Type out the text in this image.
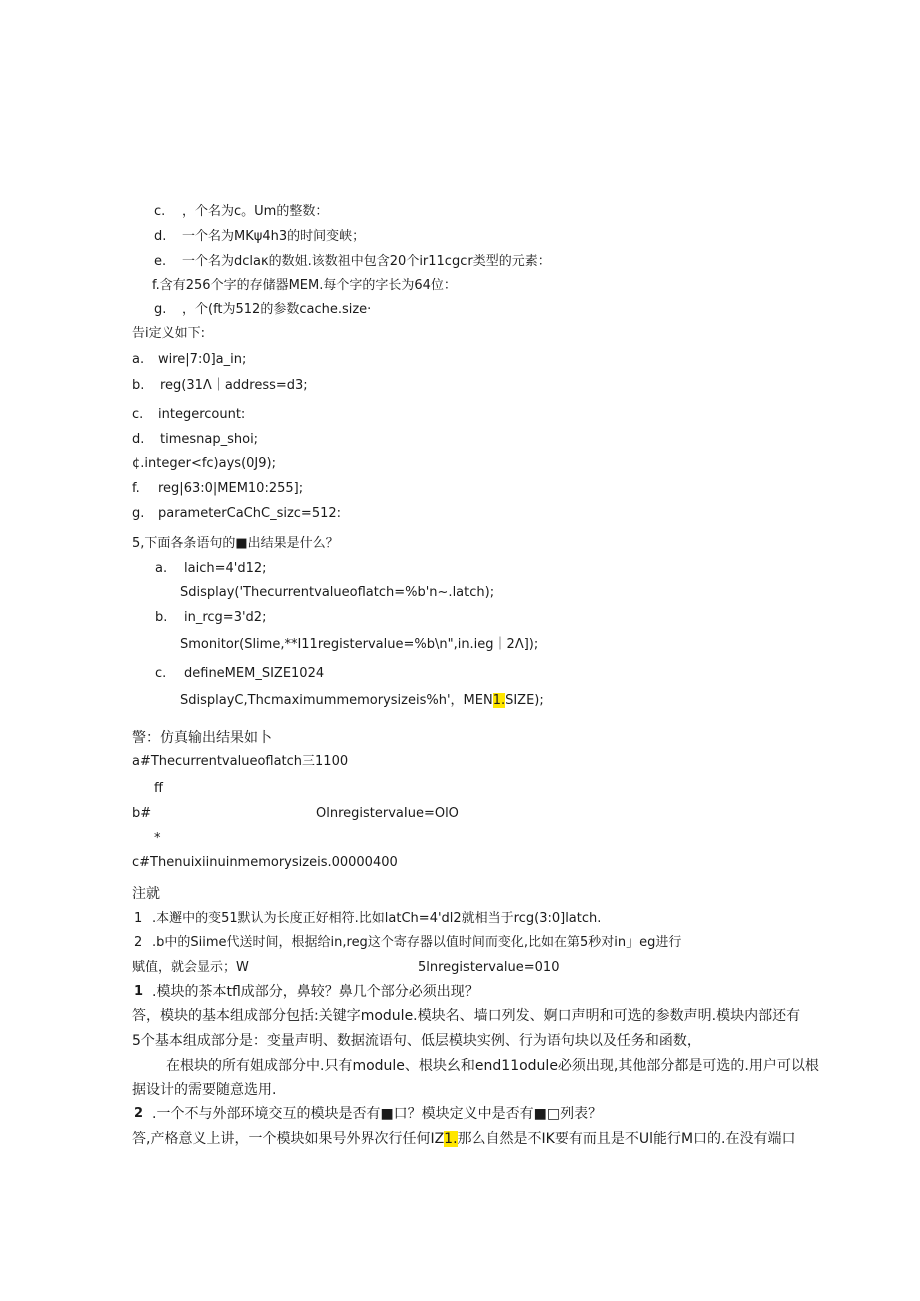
c. ，个名为c。Um的整数：
d. 一个名为MKψ4h3的时间变峡；
e. 一个名为dclaκ的数姐.该数祖中包含20个ir11cgcr类型的元素：
f.含有256个字的存储器MEM.每个字的字长为64位：
g. ，个(ft为512的参数cache.size·
告i定义如下:
a. wire|7:0]a_in;
b. reg(31Λ｜address=d3;
c. integercount:
d. timesnap_shoi;
¢.integer<fc)ays(0J9);
f. reg|63:0|MEM10:255];
g. parameterCaChC_sizc=512:
5,下面各条语句的■出结果是什么？
a. laich=4'd12;
Sdisplay('Thecurrentvalueoflatch=%b'n~.latch);
b. in_rcg=3'd2;
Smonitor(Slime,**I11registervalue=%b\n",in.ieg｜2Λ]);
c. defineMEM_SIZE1024
SdisplayC,Thcmaximummemorysizeis%h'，MEN1.SIZE);
警：仿真输出结果如卜
a#Thecurrentvalueoflatch三1100
ff
b#	OlnregistervaIue=OlO
*
c#Thenuixiinuinmemorysizeis.00000400
注就
1 .本邂中的变51默认为长度正好相符.比如latCh=4'dl2就相当于rcg(3:0]latch.
2 .b中的Siime代送时间，根据给in,reg这个寄存器以值时间而变化,比如在第5秒对in」eg进行
赋值，就会显示；W	5lnregistervalue=010
1 .模块的茶本tfl成部分，鼻较？鼻几个部分必须出现？
答，模块的基本组成部分包括:关键字module.模块名、墙口列发、婀口声明和可选的参数声明.模块内部还有
5个基本组成部分是：变量声明、数据流语句、低层模块实例、行为语句块以及任务和函数，
在根块的所有姐成部分中.只有module、根块幺和end11odule必须出现,其他部分都是可选的.用户可以根
据设计的需要随意选用.
2 .一个不与外部环境交互的模块是否有■口？模块定义中是否有■□列表？
答,产格意义上讲，一个模块如果号外界次行任何IZ1.那么自然是不IK要有而且是不Ul能行M口的.在没有端口
